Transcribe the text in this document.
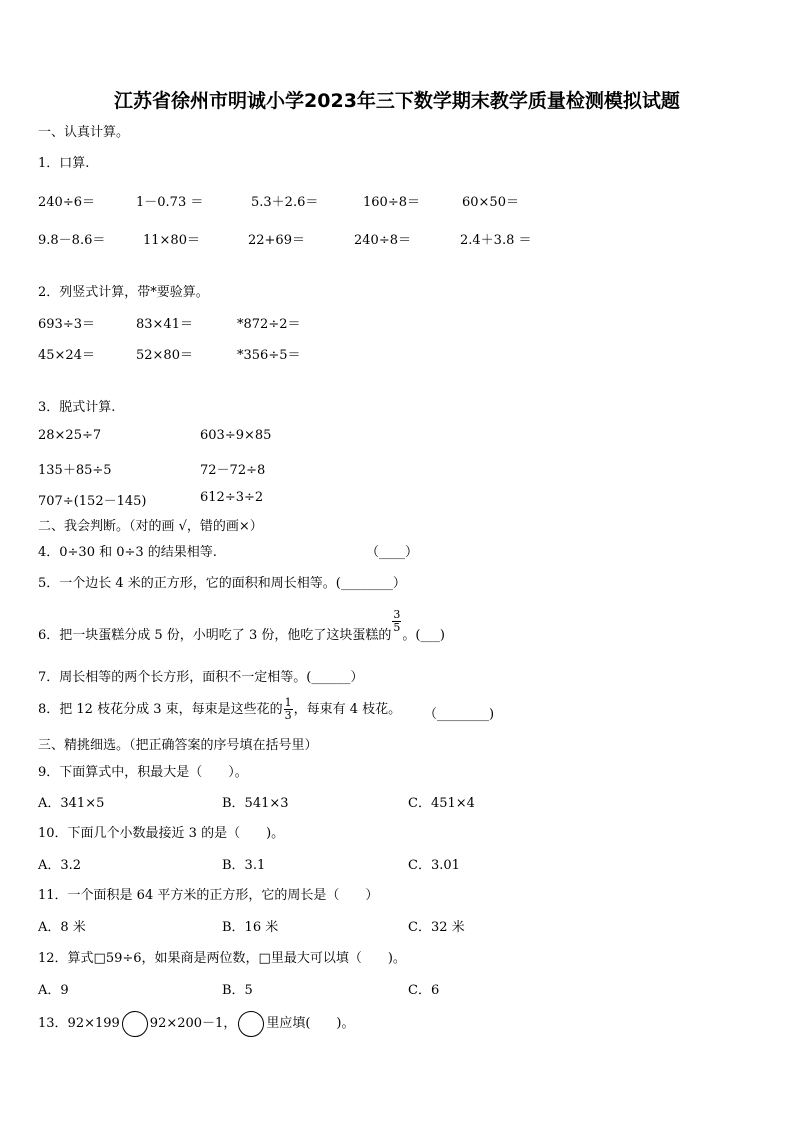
江苏省徐州市明诚小学2023年三下数学期末教学质量检测模拟试题
一、认真计算。
1．口算.
240÷6＝	1－0.73 ＝	5.3＋2.6＝	160÷8＝	60×50＝
9.8－8.6＝	11×80＝	22+69＝	240÷8＝	2.4＋3.8 ＝
2．列竖式计算，带*要验算。
693÷3＝	83×41＝	*872÷2＝
45×24＝	52×80＝	*356÷5＝
3．脱式计算.
28×25÷7	603÷9×85
135＋85÷5	72－72÷8
707÷(152－145)	612÷3÷2
二、我会判断。（对的画 √，错的画×）
4．0÷30 和 0÷3 的结果相等.	（____）
5．一个边长 4 米的正方形，它的面积和周长相等。(________）
6．把一块蛋糕分成 5 份，小明吃了 3 份，他吃了这块蛋糕的
$\frac{3}{5}$
。(___)
7．周长相等的两个长方形，面积不一定相等。(______）
8．把 12 枝花分成 3 束，每束是这些花的 $\frac{1}{3}$ ，每束有 4 枝花。 （________)
三、精挑细选。（把正确答案的序号填在括号里）
9．下面算式中，积最大是（　　）。
A．341×5	B．541×3	C．451×4
10．下面几个小数最接近 3 的是（　　)。
A．3.2	B．3.1	C．3.01
11．一个面积是 64 平方米的正方形，它的周长是（　　）
A．8 米	B．16 米	C．32 米
12．算式□59÷6，如果商是两位数，□里最大可以填（　　)。
A．9	B．5	C．6
13．92×199 92×200－1， 里应填(　　)。
